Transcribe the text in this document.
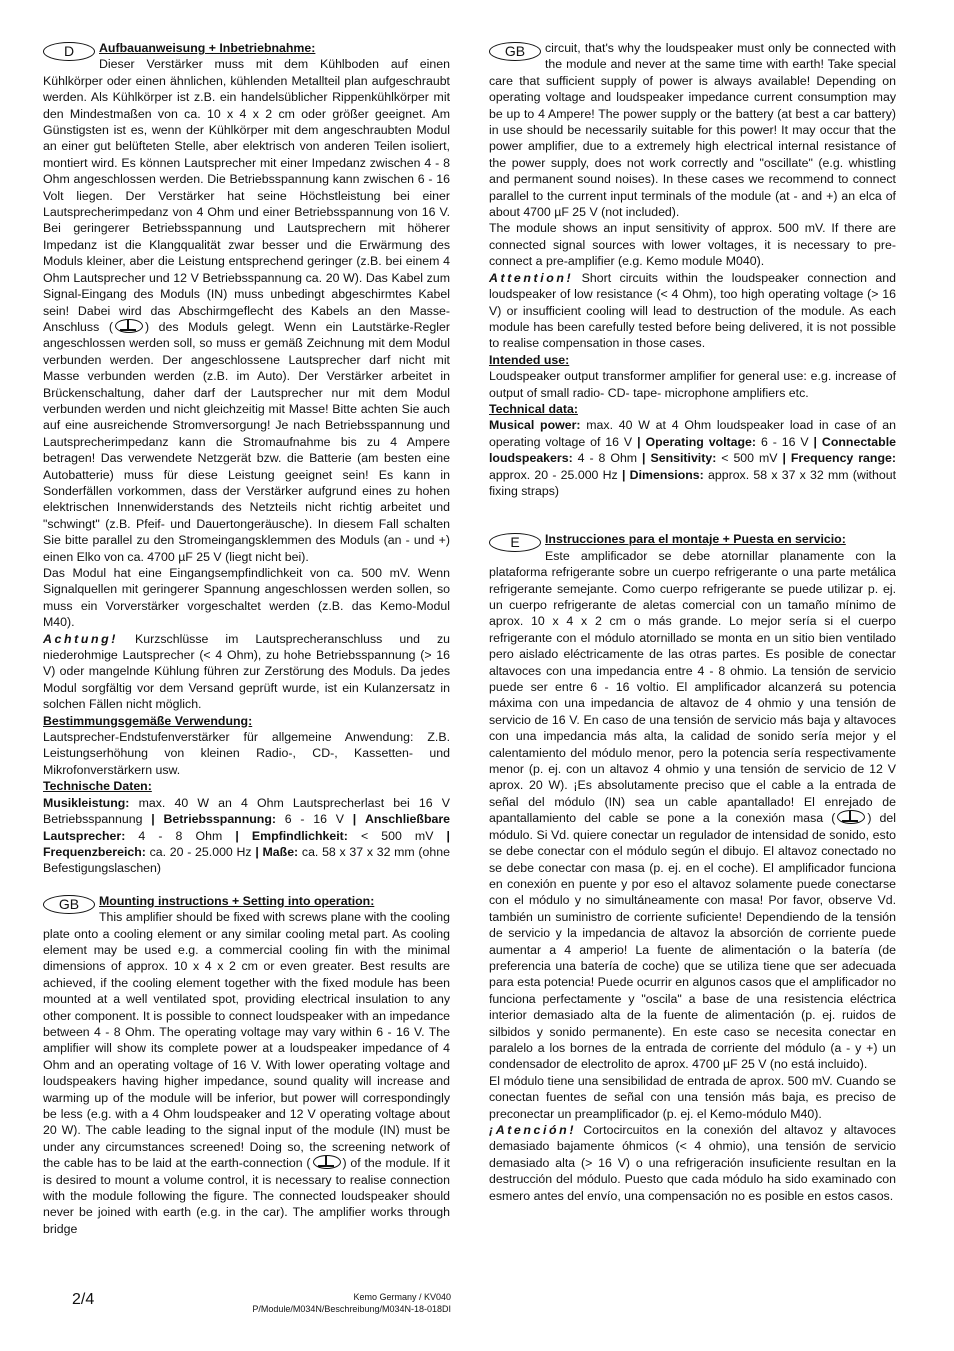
D	Aufbauanweisung + Inbetriebnahme:

Dieser Verstärker muss mit dem Kühlboden auf einen Kühlkörper oder einen ähnlichen, kühlenden Metallteil plan aufgeschraubt werden. Als Kühlkörper ist z.B. ein handelsüblicher Rippenkühlkörper mit den Mindestmaßen von ca. 10 x 4 x 2 cm oder größer geeignet. Am Günstigsten ist es, wenn der Kühlkörper mit dem angeschraubten Modul an einer gut belüfteten Stelle, aber elektrisch von anderen Teilen isoliert, montiert wird. Es können Lautsprecher mit einer Impedanz zwischen 4 - 8 Ohm angeschlossen werden. Die Betriebsspannung kann zwischen 6 - 16 Volt liegen. Der Verstärker hat seine Höchstleistung bei einer Lautsprecherimpedanz von 4 Ohm und einer Betriebsspannung von 16 V. Bei geringerer Betriebsspannung und Lautsprechern mit höherer Impedanz ist die Klangqualität zwar besser und die Erwärmung des Moduls kleiner, aber die Leistung entsprechend geringer (z.B. bei einem 4 Ohm Lautsprecher und 12 V Betriebsspannung ca. 20 W). Das Kabel zum Signal-Eingang des Moduls (IN) muss unbedingt abgeschirmtes Kabel sein! Dabei wird das Abschirmgeflecht des Kabels an den Masse-Anschluss (	) des Moduls gelegt. Wenn ein Lautstärke-Regler angeschlossen werden soll, so muss er gemäß Zeichnung mit dem Modul verbunden werden. Der angeschlossene Lautsprecher darf nicht mit Masse verbunden werden (z.B. im Auto). Der Verstärker arbeitet in Brückenschaltung, daher darf der Lautsprecher nur mit dem Modul verbunden werden und nicht gleichzeitig mit Masse! Bitte achten Sie auch auf eine ausreichende Stromversorgung! Je nach Betriebsspannung und Lautsprecherimpedanz kann die Stromaufnahme bis zu 4 Ampere betragen! Das verwendete Netzgerät bzw. die Batterie (am besten eine Autobatterie) muss für diese Leistung geeignet sein! Es kann in Sonderfällen vorkommen, dass der Verstärker aufgrund eines zu hohen elektrischen Innenwiderstands des Netzteils nicht richtig arbeitet und "schwingt" (z.B. Pfeif- und Dauertongeräusche). In diesem Fall schalten Sie bitte parallel zu den Stromeingangsklemmen des Moduls (an - und +) einen Elko von ca. 4700 µF 25 V (liegt nicht bei).

Das Modul hat eine Eingangsempfindlichkeit von ca. 500 mV. Wenn Signalquellen mit geringerer Spannung angeschlossen werden sollen, so muss ein Vorverstärker vorgeschaltet werden (z.B. das Kemo-Modul M40).

Achtung! Kurzschlüsse im Lautsprecheranschluss und zu niederohmige Lautsprecher (< 4 Ohm), zu hohe Betriebsspannung (> 16 V) oder mangelnde Kühlung führen zur Zerstörung des Moduls. Da jedes Modul sorgfältig vor dem Versand geprüft wurde, ist ein Kulanzersatz in solchen Fällen nicht möglich.

Bestimmungsgemäße Verwendung:

Lautsprecher-Endstufenverstärker für allgemeine Anwendung: Z.B. Leistungserhöhung von kleinen Radio-, CD-, Kassetten- und Mikrofonverstärkern usw.

Technische Daten:

Musikleistung: max. 40 W an 4 Ohm Lautsprecherlast bei 16 V Betriebsspannung | Betriebsspannung: 6 - 16 V | Anschließbare Lautsprecher: 4 - 8 Ohm | Empfindlichkeit: < 500 mV | Frequenzbereich: ca. 20 - 25.000 Hz | Maße: ca. 58 x 37 x 32 mm (ohne Befestigungslaschen)

GB	Mounting instructions + Setting into operation:

This amplifier should be fixed with screws plane with the cooling plate onto a cooling element or any similar cooling metal part. As cooling element may be used e.g. a commercial cooling fin with the minimal dimensions of approx. 10 x 4 x 2 cm or even greater. Best results are achieved, if the cooling element together with the fixed module has been mounted at a well ventilated spot, providing electrical insulation to any other component. It is possible to connect loudspeaker with an impedance between 4 - 8 Ohm. The operating voltage may vary within 6 - 16 V. The amplifier will show its complete power at a loudspeaker impedance of 4 Ohm and an operating voltage of 16 V. With lower operating voltage and loudspeakers having higher impedance, sound quality will increase and warming up of the module will be inferior, but power will correspondingly be less (e.g. with a 4 Ohm loudspeaker and 12 V operating voltage about 20 W). The cable leading to the signal input of the module (IN) must be under any circumstances screened! Doing so, the screening network of the cable has to be laid at the earth-connection (	) of the module. If it is desired to mount a volume control, it is necessary to realise connection with the module following the figure. The connected loudspeaker should never be joined with earth (e.g. in the car). The amplifier works through bridge

GB	circuit, that's why the loudspeaker must only be connected with the module and never at the same time with earth! Take special care that sufficient supply of power is always available! Depending on operating voltage and loudspeaker impedance current consumption may be up to 4 Ampere! The power supply or the battery (at best a car battery) in use should be necessarily suitable for this power! It may occur that the power amplifier, due to a extremely high electrical internal resistance of the power supply, does not work correctly and "oscillate" (e.g. whistling and permanent sound noises). In these cases we recommend to connect parallel to the current input terminals of the module (at - and +) an elca of about 4700 µF 25 V (not included).

The module shows an input sensitivity of approx. 500 mV. If there are connected signal sources with lower voltages, it is necessary to pre-connect a pre-amplifier (e.g. Kemo module M040).

Attention! Short circuits within the loudspeaker connection and loudspeaker of low resistance (< 4 Ohm), too high operating voltage (> 16 V) or insufficient cooling will lead to destruction of the module. As each module has been carefully tested before being delivered, it is not possible to realise compensation in those cases.

Intended use:

Loudspeaker output transformer amplifier for general use: e.g. increase of output of small radio- CD- tape- microphone amplifiers etc.

Technical data:

Musical power: max. 40 W at 4 Ohm loudspeaker load in case of an operating voltage of 16 V | Operating voltage: 6 - 16 V | Connectable loudspeakers: 4 - 8 Ohm | Sensitivity: < 500 mV | Frequency range: approx. 20 - 25.000 Hz | Dimensions: approx. 58 x 37 x 32 mm (without fixing straps)

E	Instrucciones para el montaje + Puesta en servicio:

Este amplificador se debe atornillar planamente con la plataforma refrigerante sobre un cuerpo refrigerante o una parte metálica refrigerante semejante. Como cuerpo refrigerante se puede utilizar p. ej. un cuerpo refrigerante de aletas comercial con un tamaño mínimo de aprox. 10 x 4 x 2 cm o más grande. Lo mejor sería si el cuerpo refrigerante con el módulo atornillado se monta en un sitio bien ventilado pero aislado eléctricamente de las otras partes. Es posible de conectar altavoces con una impedancia entre 4 - 8 ohmio. La tensión de servicio puede ser entre 6 - 16 voltio. El amplificador alcanzerá su potencia máxima con una impedancia de altavoz de 4 ohmio y una tensión de servicio de 16 V. En caso de una tensión de servicio más baja y altavoces con una impedancia más alta, la calidad de sonido sería mejor y el calentamiento del módulo menor, pero la potencia sería respectivamente menor (p. ej. con un altavoz 4 ohmio y una tensión de servicio de 12 V aprox. 20 W). ¡Es absolutamente preciso que el cable a la entrada de señal del módulo (IN) sea un cable apantallado! El enrejado de apantallamiento del cable se pone a la conexión masa (	) del módulo. Si Vd. quiere conectar un regulador de intensidad de sonido, esto se debe conectar con el módulo según el dibujo. El altavoz conectado no se debe conectar con masa (p. ej. en el coche). El amplificador funciona en conexión en puente y por eso el altavoz solamente puede conectarse con el módulo y no simultáneamente con masa! Por favor, observe Vd. también un suministro de corriente suficiente! Dependiendo de la tensión de servicio y la impedancia de altavoz la absorción de corriente puede aumentar a 4 amperio! La fuente de alimentación o la batería (de preferencia una batería de coche) que se utiliza tiene que ser adecuada para esta potencia! Puede ocurrir en algunos casos que el amplificador no funciona perfectamente y "oscila" a base de una resistencia eléctrica interior demasiado alta de la fuente de alimentación (p. ej. ruidos de silbidos y sonido permanente). En este caso se necesita conectar en paralelo a los bornes de la entrada de corriente del módulo (a - y +) un condensador de electrolito de aprox. 4700 µF 25 V (no está incluido).

El módulo tiene una sensibilidad de entrada de aprox. 500 mV. Cuando se conectan fuentes de señal con una tensión más baja, es preciso de preconectar un preamplificador (p. ej. el Kemo-módulo M40).

¡Atención! Cortocircuitos en la conexión del altavoz y altavoces demasiado bajamente óhmicos (< 4 ohmio), una tensión de servicio demasiado alta (> 16 V) o una refrigeración insuficiente resultan en la destrucción del módulo. Puesto que cada módulo ha sido examinado con esmero antes del envío, una compensación no es posible en estos casos.

2/4	Kemo Germany / KV040
P/Module/M034N/Beschreibung/M034N-18-018DI
